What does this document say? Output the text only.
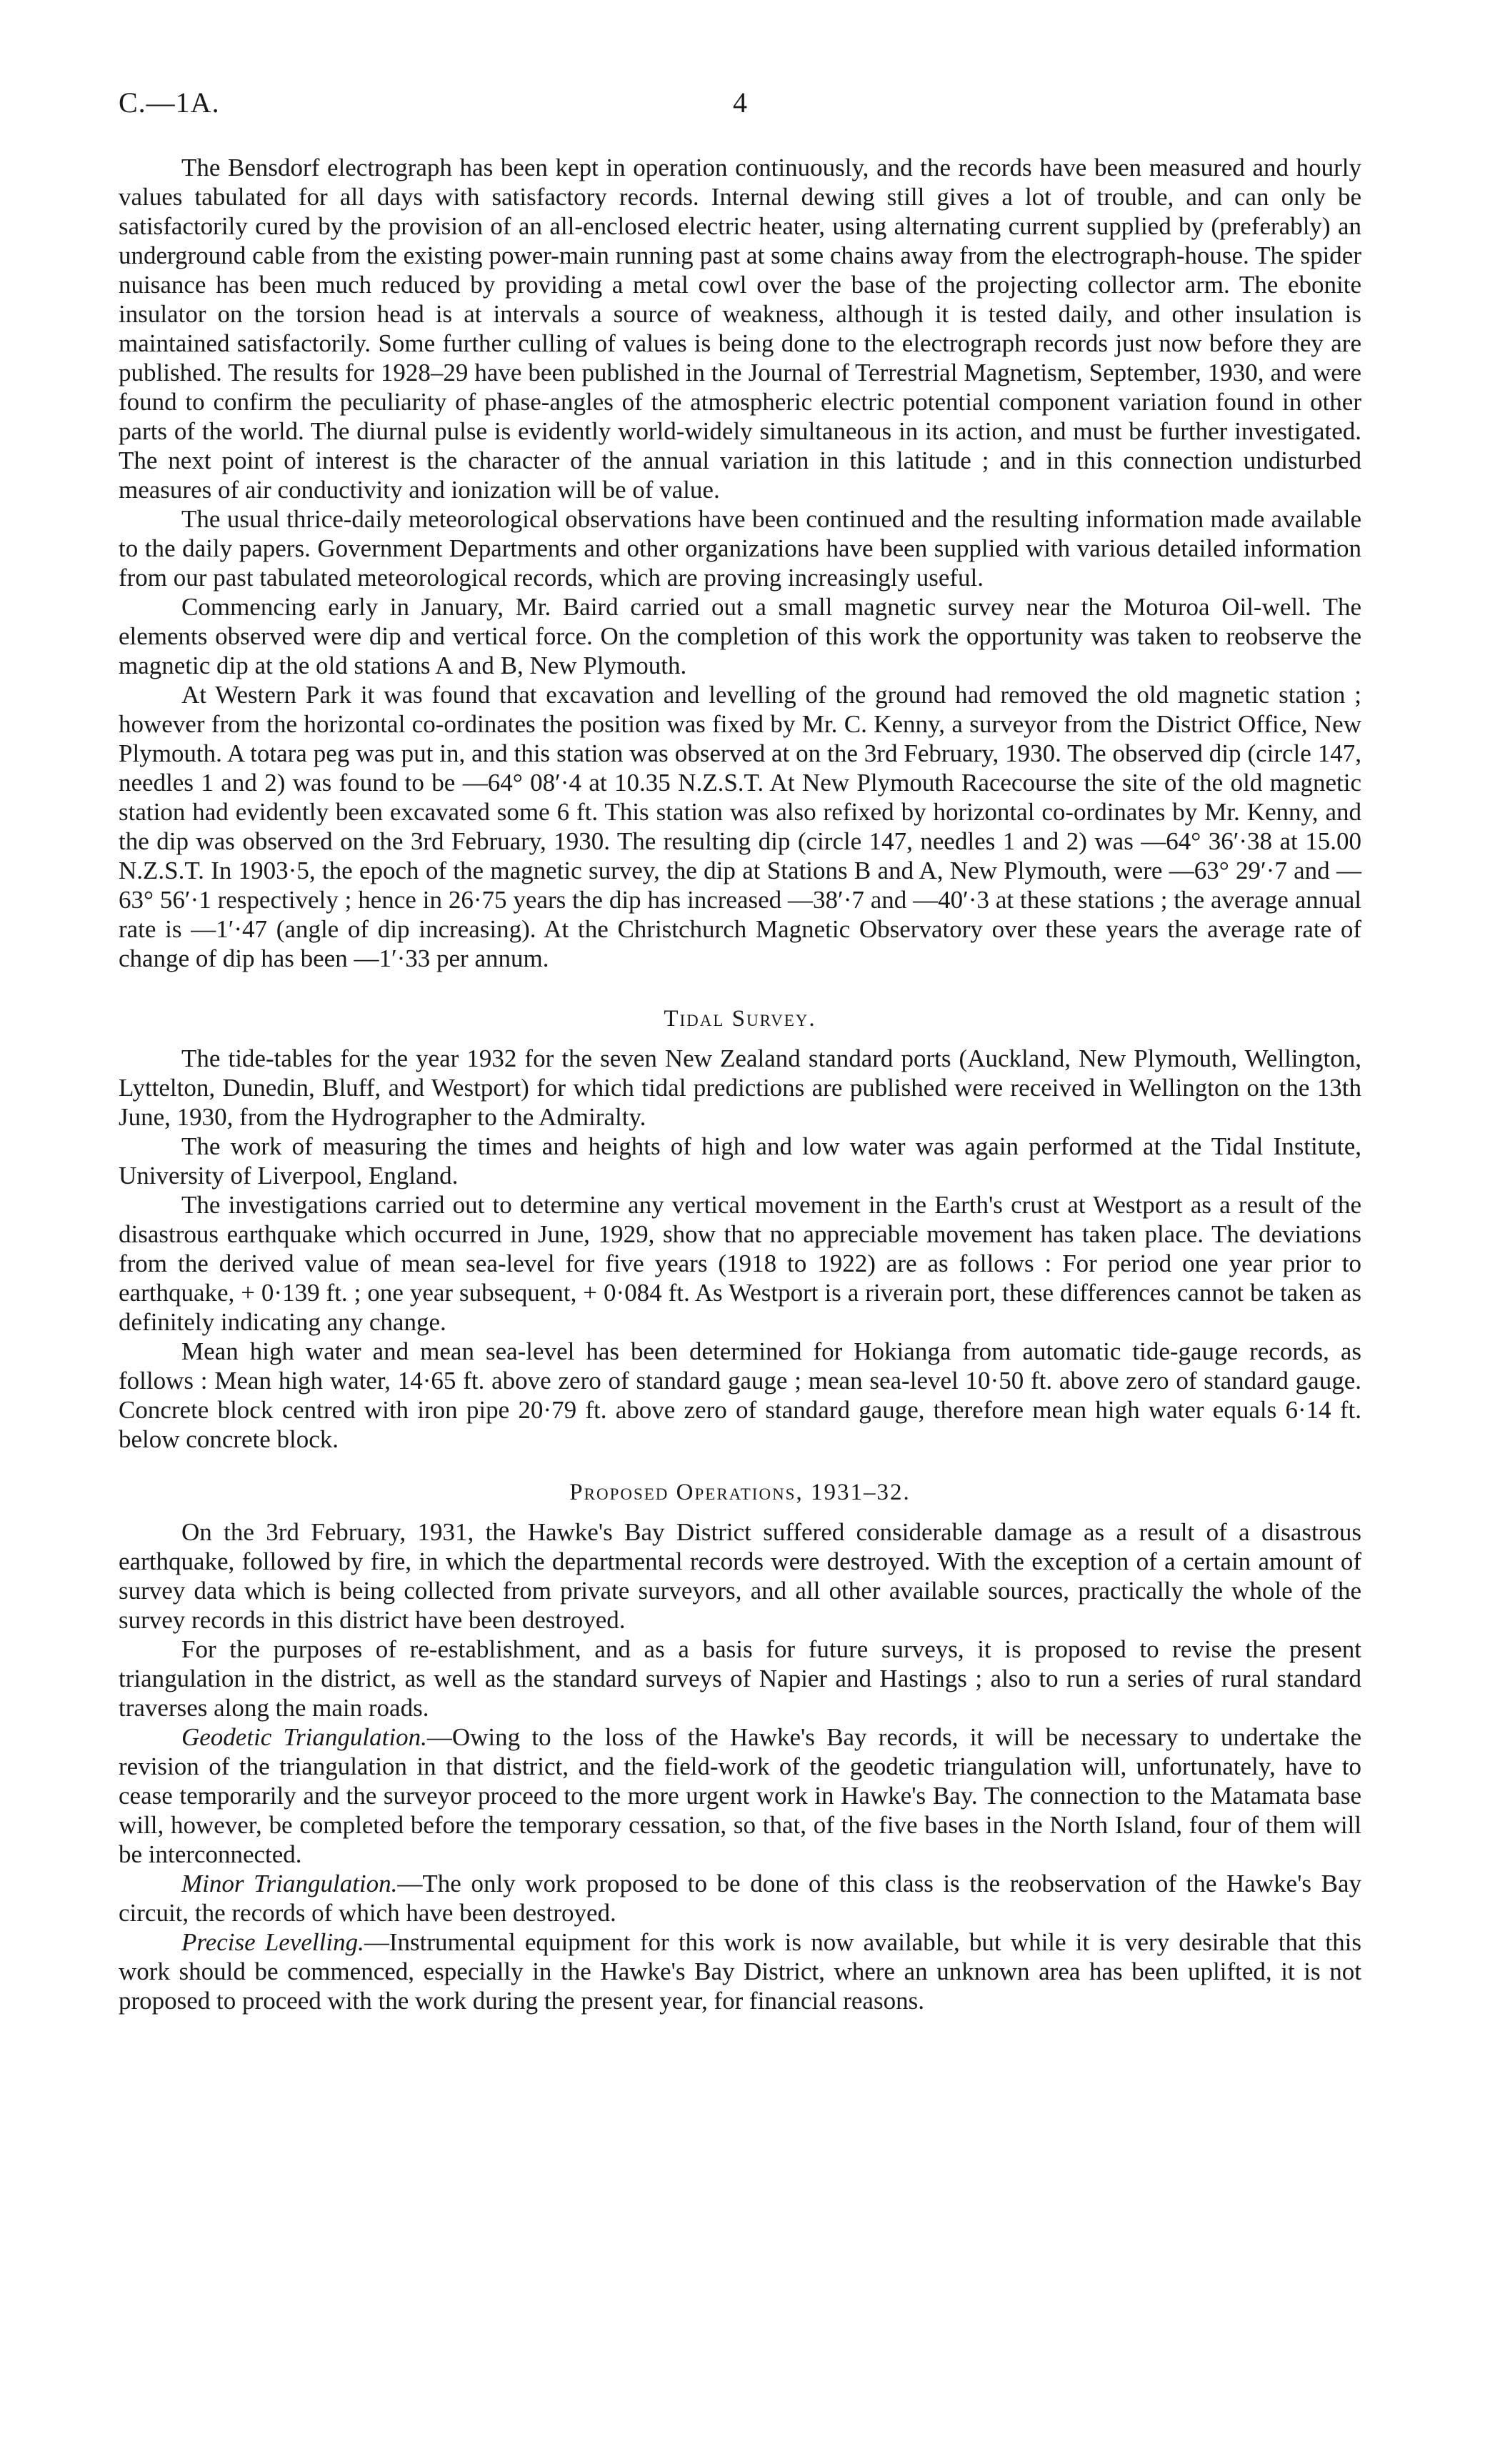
C.—1A.	4

The Bensdorf electrograph has been kept in operation continuously, and the records have been measured and hourly values tabulated for all days with satisfactory records. Internal dewing still gives a lot of trouble, and can only be satisfactorily cured by the provision of an all-enclosed electric heater, using alternating current supplied by (preferably) an underground cable from the existing power-main running past at some chains away from the electrograph-house. The spider nuisance has been much reduced by providing a metal cowl over the base of the projecting collector arm. The ebonite insulator on the torsion head is at intervals a source of weakness, although it is tested daily, and other insulation is maintained satisfactorily. Some further culling of values is being done to the electrograph records just now before they are published. The results for 1928–29 have been published in the Journal of Terrestrial Magnetism, September, 1930, and were found to confirm the peculiarity of phase-angles of the atmospheric electric potential component variation found in other parts of the world. The diurnal pulse is evidently world-widely simultaneous in its action, and must be further investigated. The next point of interest is the character of the annual variation in this latitude ; and in this connection undisturbed measures of air conductivity and ionization will be of value.

The usual thrice-daily meteorological observations have been continued and the resulting information made available to the daily papers. Government Departments and other organizations have been supplied with various detailed information from our past tabulated meteorological records, which are proving increasingly useful.

Commencing early in January, Mr. Baird carried out a small magnetic survey near the Moturoa Oil-well. The elements observed were dip and vertical force. On the completion of this work the opportunity was taken to reobserve the magnetic dip at the old stations A and B, New Plymouth.

At Western Park it was found that excavation and levelling of the ground had removed the old magnetic station ; however from the horizontal co-ordinates the position was fixed by Mr. C. Kenny, a surveyor from the District Office, New Plymouth. A totara peg was put in, and this station was observed at on the 3rd February, 1930. The observed dip (circle 147, needles 1 and 2) was found to be —64° 08′·4 at 10.35 N.Z.S.T. At New Plymouth Racecourse the site of the old magnetic station had evidently been excavated some 6 ft. This station was also refixed by horizontal co-ordinates by Mr. Kenny, and the dip was observed on the 3rd February, 1930. The resulting dip (circle 147, needles 1 and 2) was —64° 36′·38 at 15.00 N.Z.S.T. In 1903·5, the epoch of the magnetic survey, the dip at Stations B and A, New Plymouth, were —63° 29′·7 and —63° 56′·1 respectively ; hence in 26·75 years the dip has increased —38′·7 and —40′·3 at these stations ; the average annual rate is —1′·47 (angle of dip increasing). At the Christchurch Magnetic Observatory over these years the average rate of change of dip has been —1′·33 per annum.

Tidal Survey.

The tide-tables for the year 1932 for the seven New Zealand standard ports (Auckland, New Plymouth, Wellington, Lyttelton, Dunedin, Bluff, and Westport) for which tidal predictions are published were received in Wellington on the 13th June, 1930, from the Hydrographer to the Admiralty.

The work of measuring the times and heights of high and low water was again performed at the Tidal Institute, University of Liverpool, England.

The investigations carried out to determine any vertical movement in the Earth's crust at Westport as a result of the disastrous earthquake which occurred in June, 1929, show that no appreciable movement has taken place. The deviations from the derived value of mean sea-level for five years (1918 to 1922) are as follows : For period one year prior to earthquake, + 0·139 ft. ; one year subsequent, + 0·084 ft. As Westport is a riverain port, these differences cannot be taken as definitely indicating any change.

Mean high water and mean sea-level has been determined for Hokianga from automatic tide-gauge records, as follows : Mean high water, 14·65 ft. above zero of standard gauge ; mean sea-level 10·50 ft. above zero of standard gauge. Concrete block centred with iron pipe 20·79 ft. above zero of standard gauge, therefore mean high water equals 6·14 ft. below concrete block.

Proposed Operations, 1931–32.

On the 3rd February, 1931, the Hawke's Bay District suffered considerable damage as a result of a disastrous earthquake, followed by fire, in which the departmental records were destroyed. With the exception of a certain amount of survey data which is being collected from private surveyors, and all other available sources, practically the whole of the survey records in this district have been destroyed.

For the purposes of re-establishment, and as a basis for future surveys, it is proposed to revise the present triangulation in the district, as well as the standard surveys of Napier and Hastings ; also to run a series of rural standard traverses along the main roads.

Geodetic Triangulation.—Owing to the loss of the Hawke's Bay records, it will be necessary to undertake the revision of the triangulation in that district, and the field-work of the geodetic triangulation will, unfortunately, have to cease temporarily and the surveyor proceed to the more urgent work in Hawke's Bay. The connection to the Matamata base will, however, be completed before the temporary cessation, so that, of the five bases in the North Island, four of them will be interconnected.

Minor Triangulation.—The only work proposed to be done of this class is the reobservation of the Hawke's Bay circuit, the records of which have been destroyed.

Precise Levelling.—Instrumental equipment for this work is now available, but while it is very desirable that this work should be commenced, especially in the Hawke's Bay District, where an unknown area has been uplifted, it is not proposed to proceed with the work during the present year, for financial reasons.
